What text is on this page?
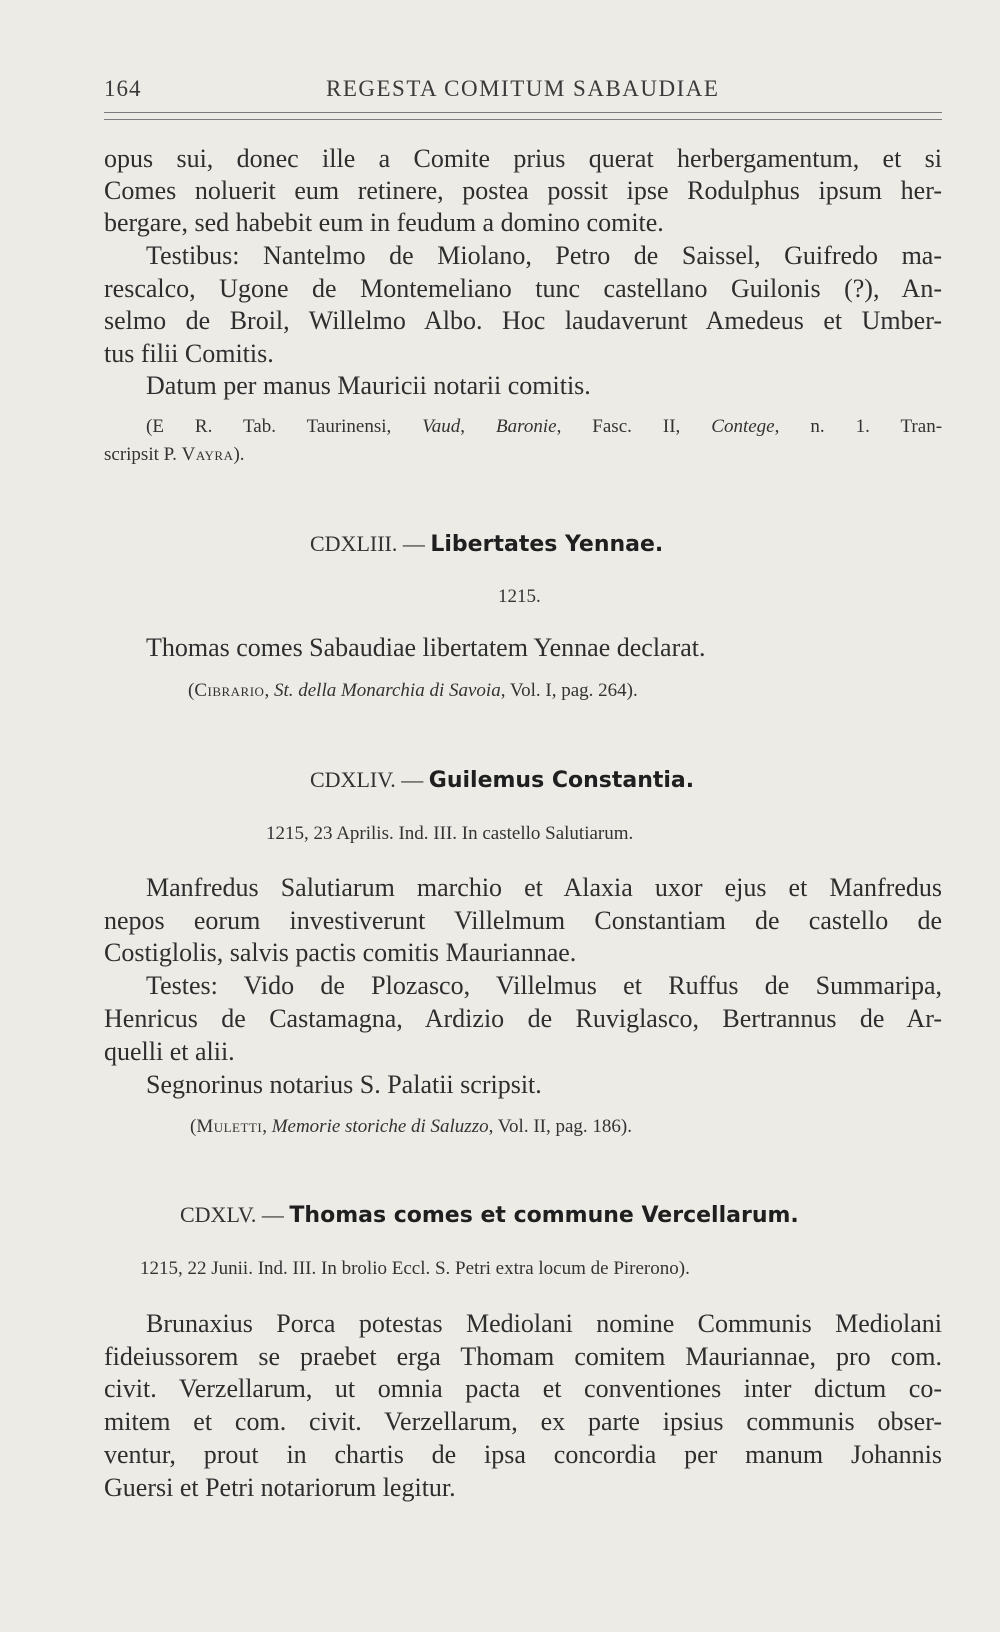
164	REGESTA COMITUM SABAUDIAE
opus sui, donec ille a Comite prius querat herbergamentum, et si
Comes noluerit eum retinere, postea possit ipse Rodulphus ipsum her-
bergare, sed habebit eum in feudum a domino comite.
Testibus: Nantelmo de Miolano, Petro de Saissel, Guifredo ma-
rescalco, Ugone de Montemeliano tunc castellano Guilonis (?), An-
selmo de Broil, Willelmo Albo. Hoc laudaverunt Amedeus et Umber-
tus filii Comitis.
Datum per manus Mauricii notarii comitis.
(E R. Tab. Taurinensi, Vaud, Baronie, Fasc. II, Contege, n. 1. Tran-
scripsit P. Vayra).
CDXLIII. — Libertates Yennae.
1215.
Thomas comes Sabaudiae libertatem Yennae declarat.
(Cibrario, St. della Monarchia di Savoia, Vol. I, pag. 264).
CDXLIV. — Guilemus Constantia.
1215, 23 Aprilis. Ind. III. In castello Salutiarum.
Manfredus Salutiarum marchio et Alaxia uxor ejus et Manfredus
nepos eorum investiverunt Villelmum Constantiam de castello de
Costiglolis, salvis pactis comitis Mauriannae.
Testes: Vido de Plozasco, Villelmus et Ruffus de Summaripa,
Henricus de Castamagna, Ardizio de Ruviglasco, Bertrannus de Ar-
quelli et alii.
Segnorinus notarius S. Palatii scripsit.
(Muletti, Memorie storiche di Saluzzo, Vol. II, pag. 186).
CDXLV. — Thomas comes et commune Vercellarum.
1215, 22 Junii. Ind. III. In brolio Eccl. S. Petri extra locum de Pirerono).
Brunaxius Porca potestas Mediolani nomine Communis Mediolani
fideiussorem se praebet erga Thomam comitem Mauriannae, pro com.
civit. Verzellarum, ut omnia pacta et conventiones inter dictum co-
mitem et com. civit. Verzellarum, ex parte ipsius communis obser-
ventur, prout in chartis de ipsa concordia per manum Johannis
Guersi et Petri notariorum legitur.
